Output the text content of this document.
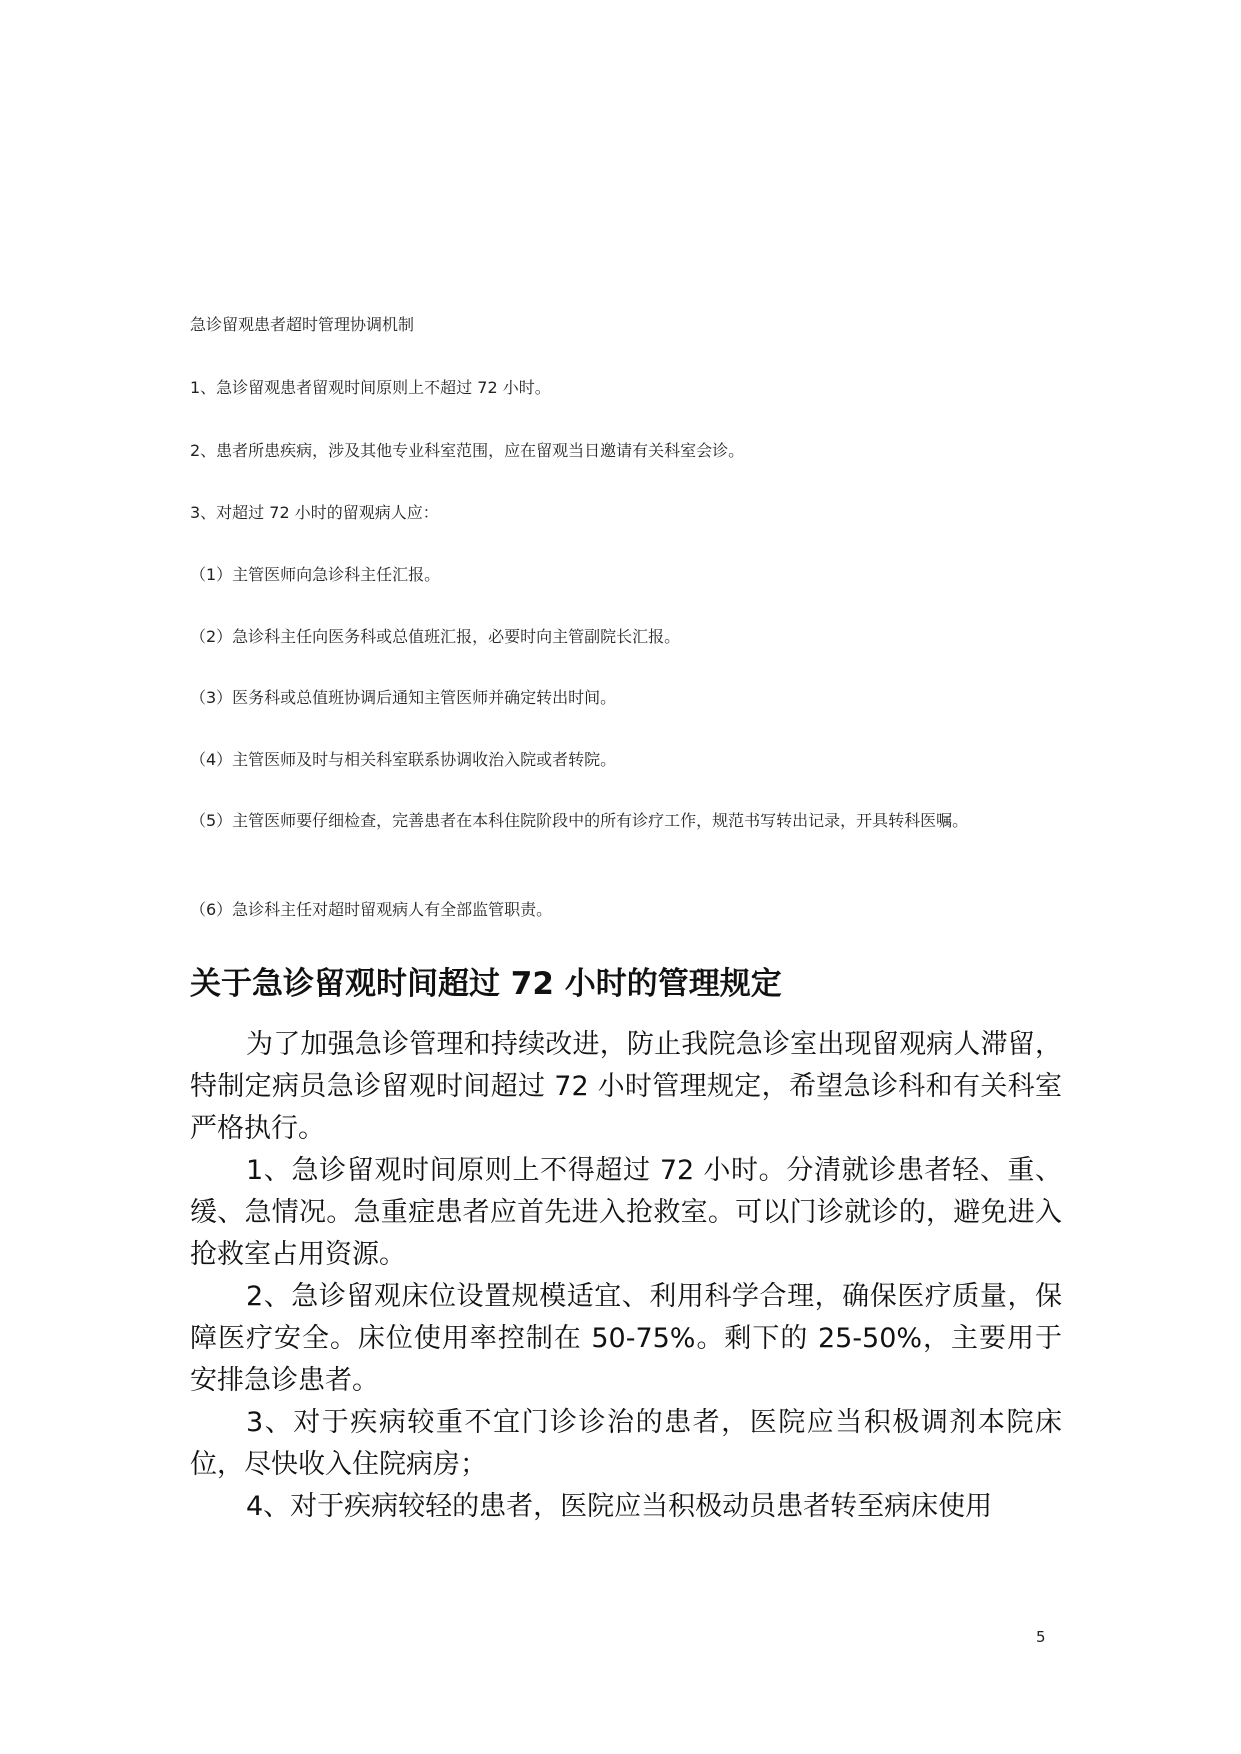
急诊留观患者超时管理协调机制

1、急诊留观患者留观时间原则上不超过 72 小时。

2、患者所患疾病，涉及其他专业科室范围，应在留观当日邀请有关科室会诊。

3、对超过 72 小时的留观病人应：

（1）主管医师向急诊科主任汇报。

（2）急诊科主任向医务科或总值班汇报，必要时向主管副院长汇报。

（3）医务科或总值班协调后通知主管医师并确定转出时间。

（4）主管医师及时与相关科室联系协调收治入院或者转院。

（5）主管医师要仔细检查，完善患者在本科住院阶段中的所有诊疗工作，规范书写转出记录，开具转科医嘱。

（6）急诊科主任对超时留观病人有全部监管职责。

关于急诊留观时间超过 72 小时的管理规定

为了加强急诊管理和持续改进，防止我院急诊室出现留观病人滞留，特制定病员急诊留观时间超过 72 小时管理规定，希望急诊科和有关科室严格执行。

1、急诊留观时间原则上不得超过 72 小时。分清就诊患者轻、重、缓、急情况。急重症患者应首先进入抢救室。可以门诊就诊的，避免进入抢救室占用资源。

2、急诊留观床位设置规模适宜、利用科学合理，确保医疗质量，保障医疗安全。床位使用率控制在 50-75%。剩下的 25-50%，主要用于安排急诊患者。

3、对于疾病较重不宜门诊诊治的患者，医院应当积极调剂本院床位，尽快收入住院病房；

4、对于疾病较轻的患者，医院应当积极动员患者转至病床使用

5
